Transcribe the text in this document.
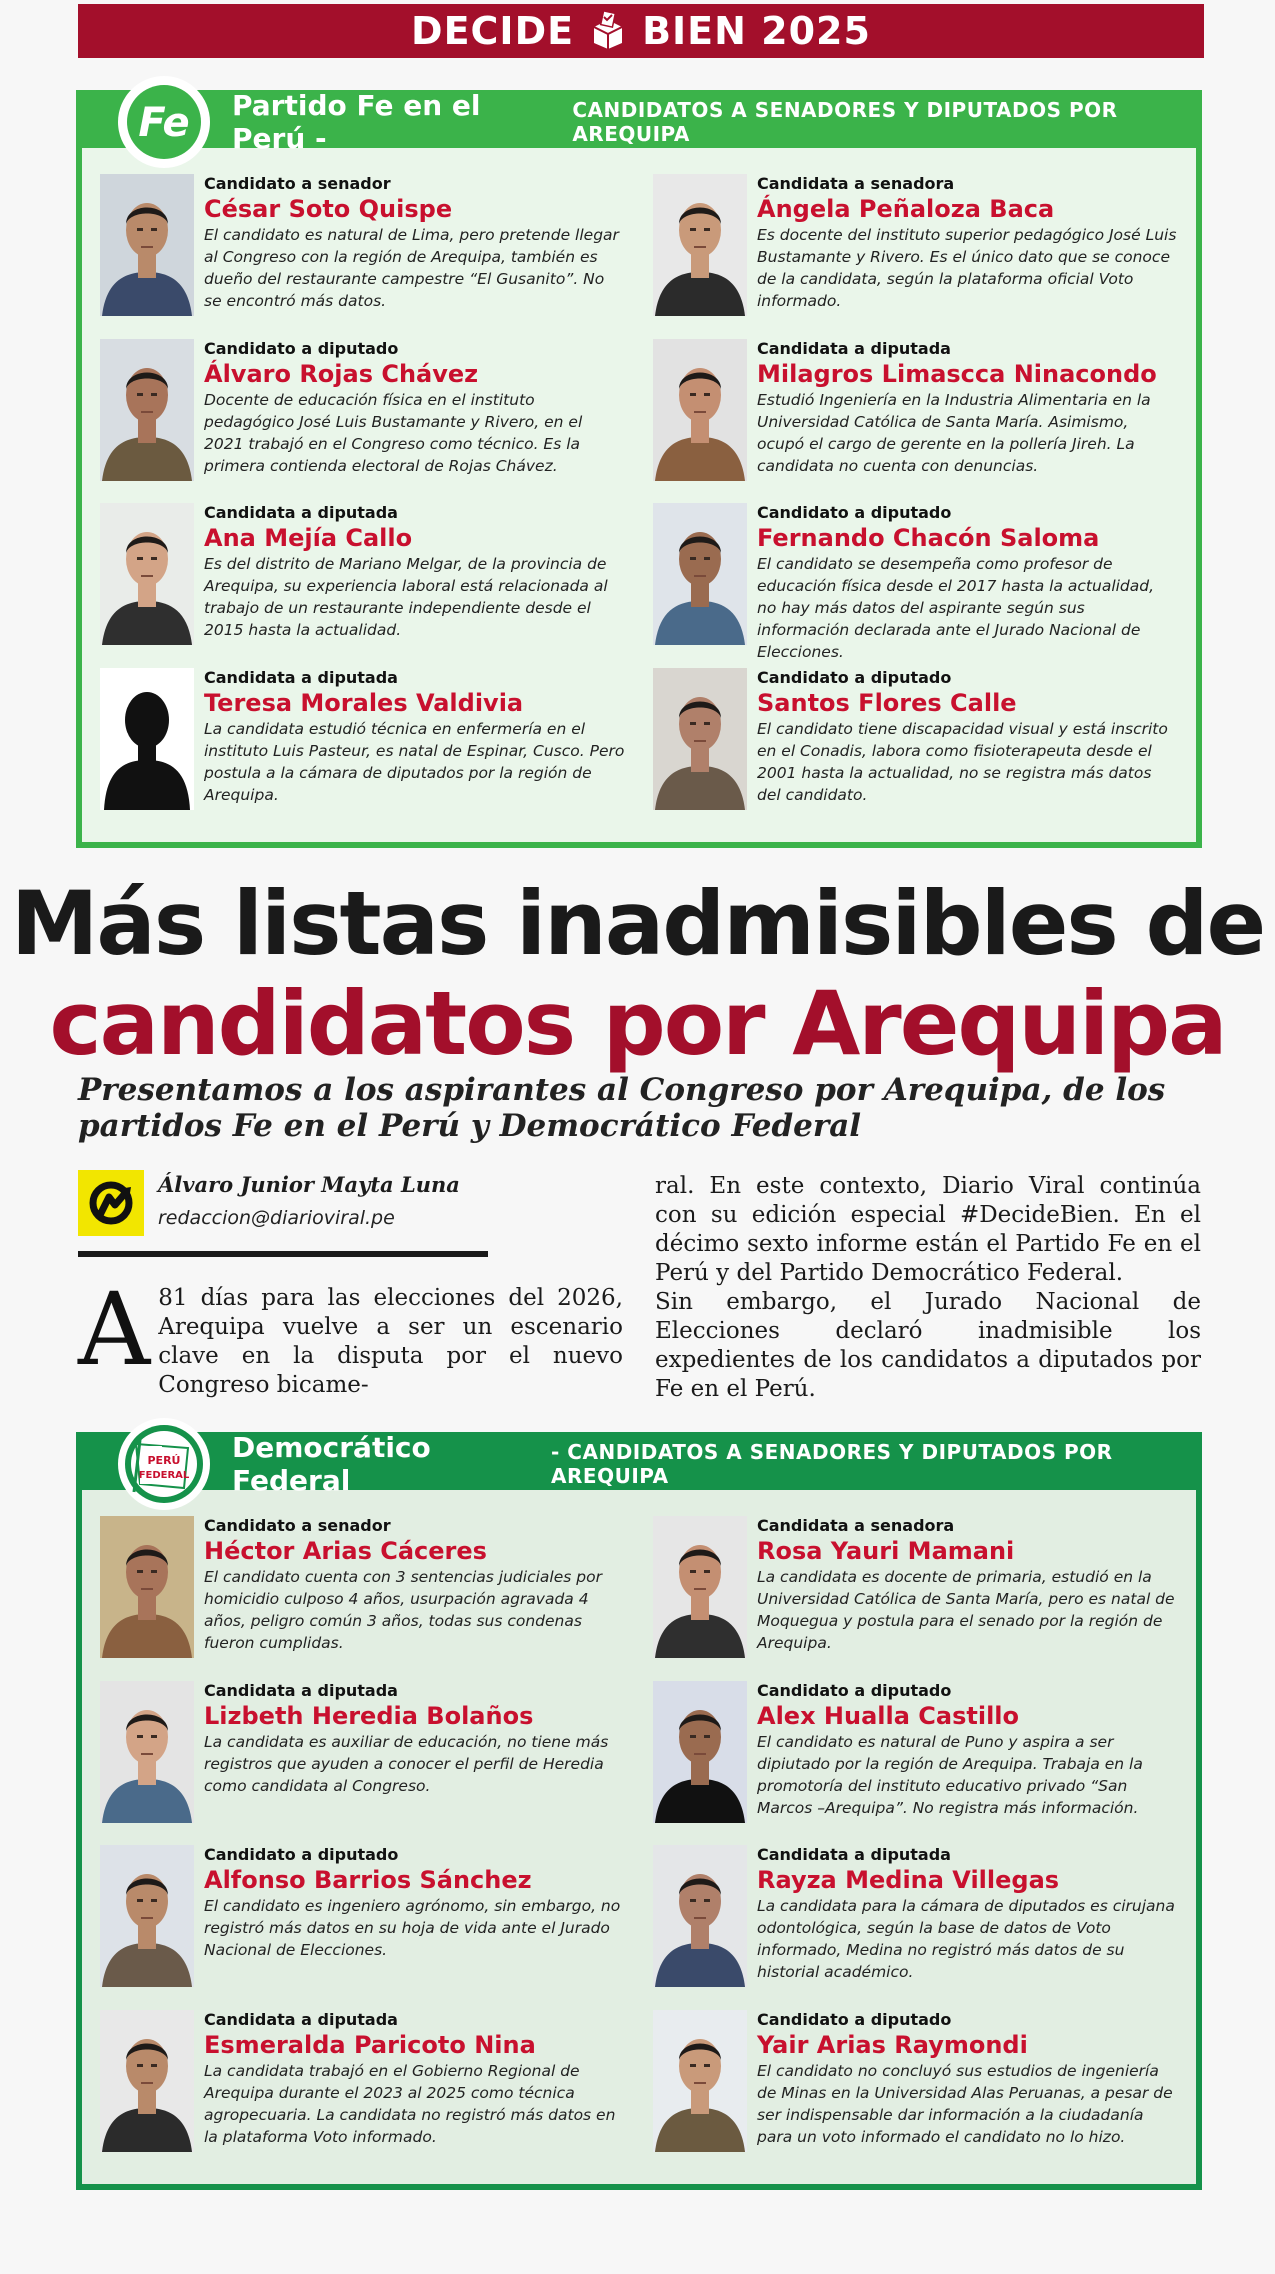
DECIDE BIEN 2025
Partido Fe en el Perú -
CANDIDATOS A SENADORES Y DIPUTADOS POR AREQUIPA
Fe
Candidato a senador
César Soto Quispe
El candidato es natural de Lima, pero pretende llegar al Congreso con la región de Arequipa, también es dueño del restaurante campestre “El Gusanito”. No se encontró más datos.
Candidata a senadora
Ángela Peñaloza Baca
Es docente del instituto superior pedagógico José Luis Bustamante y Rivero. Es el único dato que se conoce de la candidata, según la plataforma oficial Voto informado.
Candidato a diputado
Álvaro Rojas Chávez
Docente de educación física en el instituto pedagógico José Luis Bustamante y Rivero, en el 2021 trabajó en el Congreso como técnico. Es la primera contienda electoral de Rojas Chávez.
Candidata a diputada
Milagros Limascca Ninacondo
Estudió Ingeniería en la Industria Alimentaria en la Universidad Católica de Santa María. Asimismo, ocupó el cargo de gerente en la pollería Jireh. La candidata no cuenta con denuncias.
Candidata a diputada
Ana Mejía Callo
Es del distrito de Mariano Melgar, de la provincia de Arequipa, su experiencia laboral está relacionada al trabajo de un restaurante independiente desde el 2015 hasta la actualidad.
Candidato a diputado
Fernando Chacón Saloma
El candidato se desempeña como profesor de educación física desde el 2017 hasta la actualidad, no hay más datos del aspirante según sus información declarada ante el Jurado Nacional de Elecciones.
Candidata a diputada
Teresa Morales Valdivia
La candidata estudió técnica en enfermería en el instituto Luis Pasteur, es natal de Espinar, Cusco. Pero postula a la cámara de diputados por la región de Arequipa.
Candidato a diputado
Santos Flores Calle
El candidato tiene discapacidad visual y está inscrito en el Conadis, labora como fisioterapeuta desde el 2001 hasta la actualidad, no se registra más datos del candidato.
Más listas inadmisibles de
candidatos por Arequipa
Presentamos a los aspirantes al Congreso por Arequipa, de los partidos Fe en el Perú y Democrático Federal
Álvaro Junior Mayta Luna
redaccion@diarioviral.pe
A 81 días para las elecciones del 2026, Arequipa vuelve a ser un escenario clave en la disputa por el nuevo Congreso bicame-

ral. En este contexto, Diario Viral continúa con su edición especial #DecideBien. En el décimo sexto informe están el Partido Fe en el Perú y del Partido Democrático Federal.

Sin embargo, el Jurado Nacional de Elecciones declaró inadmisible los expedientes de los candidatos a diputados por Fe en el Perú.

Democrático Federal
- CANDIDATOS A SENADORES Y DIPUTADOS POR AREQUIPA
PERÚ
FEDERAL
Candidato a senador
Héctor Arias Cáceres
El candidato cuenta con 3 sentencias judiciales por homicidio culposo 4 años, usurpación agravada 4 años, peligro común 3 años, todas sus condenas fueron cumplidas.
Candidata a senadora
Rosa Yauri Mamani
La candidata es docente de primaria, estudió en la Universidad Católica de Santa María, pero es natal de Moquegua y postula para el senado por la región de Arequipa.
Candidata a diputada
Lizbeth Heredia Bolaños
La candidata es auxiliar de educación, no tiene más registros que ayuden a conocer el perfil de Heredia como candidata al Congreso.
Candidato a diputado
Alex Hualla Castillo
El candidato es natural de Puno y aspira a ser dipiutado por la región de Arequipa. Trabaja en la promotoría del instituto educativo privado “San Marcos –Arequipa”. No registra más información.
Candidato a diputado
Alfonso Barrios Sánchez
El candidato es ingeniero agrónomo, sin embargo, no registró más datos en su hoja de vida ante el Jurado Nacional de Elecciones.
Candidata a diputada
Rayza Medina Villegas
La candidata para la cámara de diputados es cirujana odontológica, según la base de datos de Voto informado, Medina no registró más datos de su historial académico.
Candidata a diputada
Esmeralda Paricoto Nina
La candidata trabajó en el Gobierno Regional de Arequipa durante el 2023 al 2025 como técnica agropecuaria. La candidata no registró más datos en la plataforma Voto informado.
Candidato a diputado
Yair Arias Raymondi
El candidato no concluyó sus estudios de ingeniería de Minas en la Universidad Alas Peruanas, a pesar de ser indispensable dar información a la ciudadanía para un voto informado el candidato no lo hizo.
